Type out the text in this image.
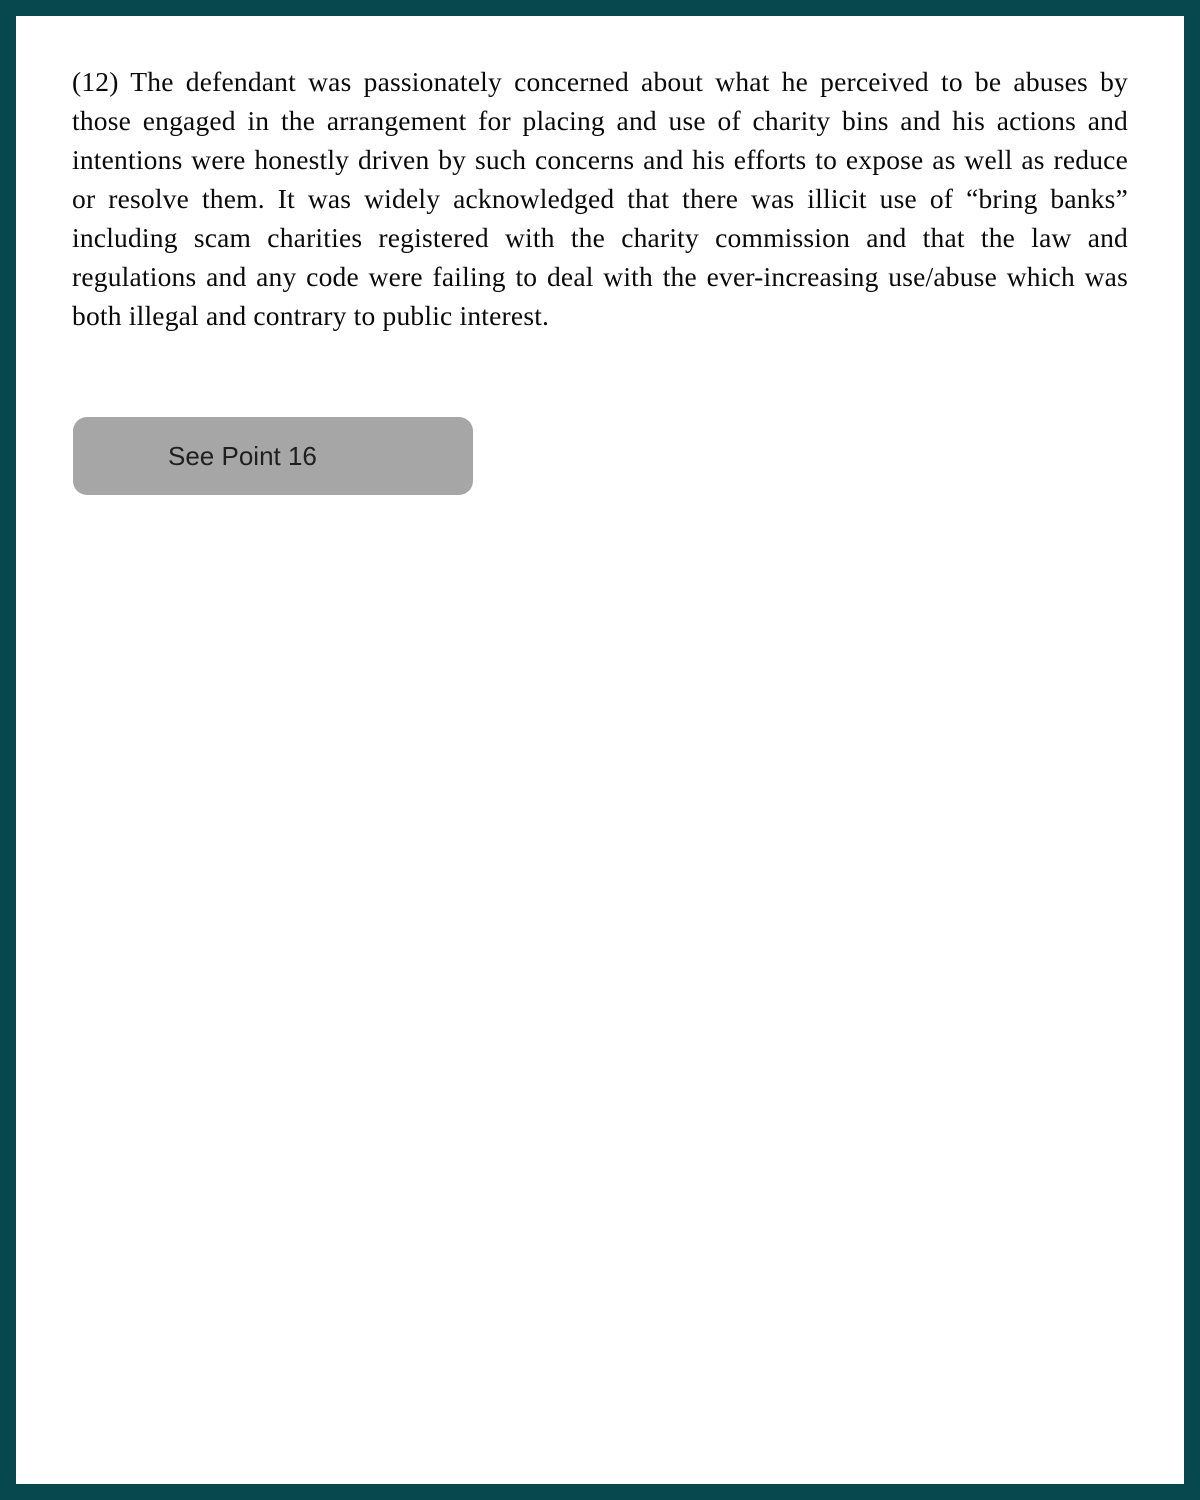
(12) The defendant was passionately concerned about what he perceived to be abuses by those engaged in the arrangement for placing and use of charity bins and his actions and intentions were honestly driven by such concerns and his efforts to expose as well as reduce or resolve them. It was widely acknowledged that there was illicit use of “bring banks” including scam charities registered with the charity commission and that the law and regulations and any code were failing to deal with the ever-increasing use/abuse which was both illegal and contrary to public interest.

See Point 16
